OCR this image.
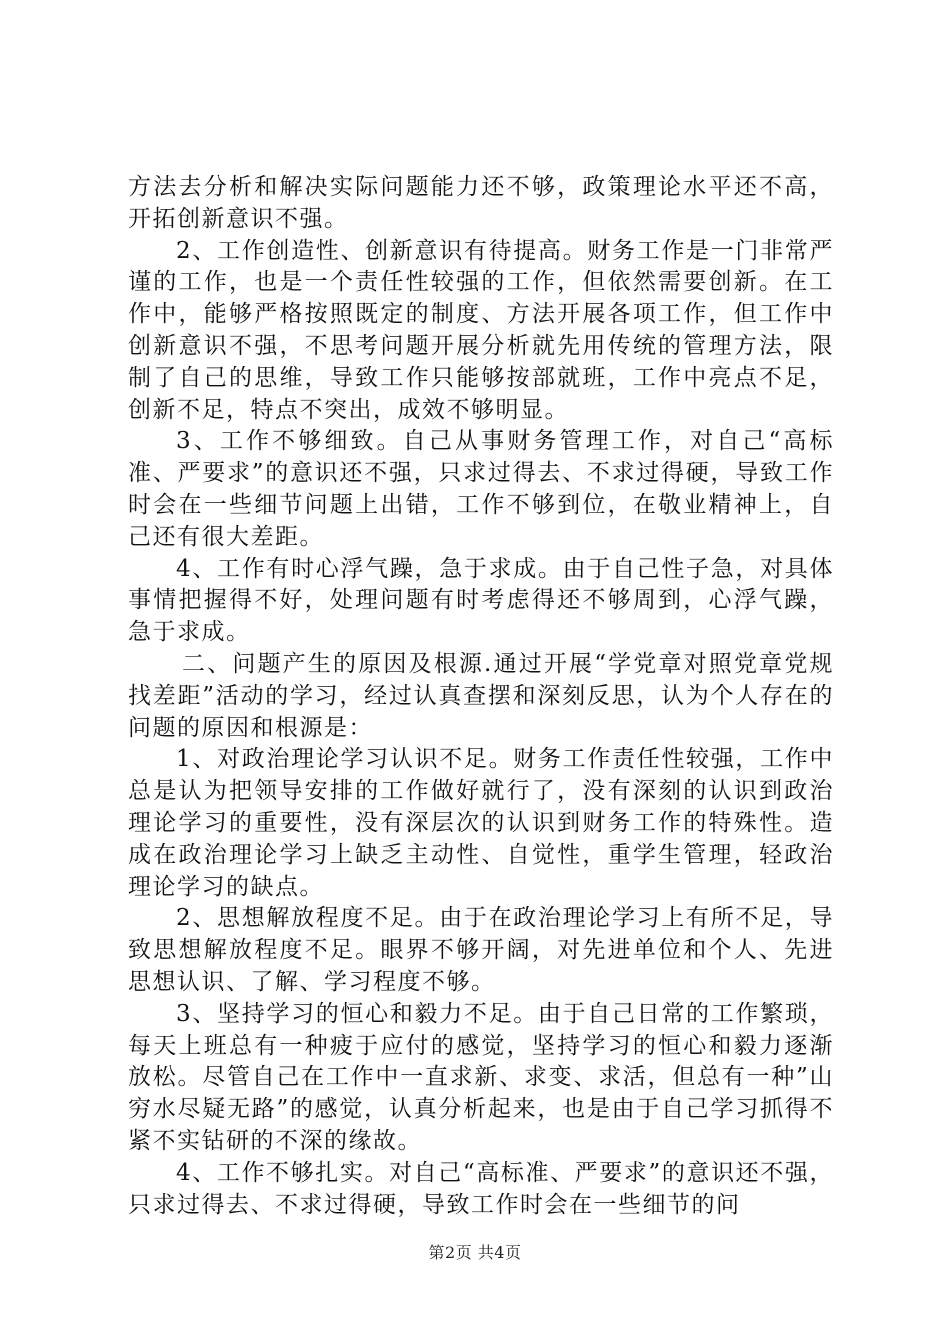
方法去分析和解决实际问题能力还不够，政策理论水平还不高，开拓创新意识不强。

2、工作创造性、创新意识有待提高。财务工作是一门非常严谨的工作，也是一个责任性较强的工作，但依然需要创新。在工作中，能够严格按照既定的制度、方法开展各项工作，但工作中创新意识不强，不思考问题开展分析就先用传统的管理方法，限制了自己的思维，导致工作只能够按部就班，工作中亮点不足，创新不足，特点不突出，成效不够明显。

3、工作不够细致。自己从事财务管理工作，对自己“高标准、严要求”的意识还不强，只求过得去、不求过得硬，导致工作时会在一些细节问题上出错，工作不够到位，在敬业精神上，自己还有很大差距。

4、工作有时心浮气躁，急于求成。由于自己性子急，对具体事情把握得不好，处理问题有时考虑得还不够周到，心浮气躁，急于求成。

二、问题产生的原因及根源.通过开展“学党章对照党章党规找差距”活动的学习，经过认真查摆和深刻反思，认为个人存在的问题的原因和根源是：

1、对政治理论学习认识不足。财务工作责任性较强，工作中总是认为把领导安排的工作做好就行了，没有深刻的认识到政治理论学习的重要性，没有深层次的认识到财务工作的特殊性。造成在政治理论学习上缺乏主动性、自觉性，重学生管理，轻政治理论学习的缺点。

2、思想解放程度不足。由于在政治理论学习上有所不足，导致思想解放程度不足。眼界不够开阔，对先进单位和个人、先进思想认识、了解、学习程度不够。

3、坚持学习的恒心和毅力不足。由于自己日常的工作繁琐，每天上班总有一种疲于应付的感觉，坚持学习的恒心和毅力逐渐放松。尽管自己在工作中一直求新、求变、求活，但总有一种”山穷水尽疑无路”的感觉，认真分析起来，也是由于自己学习抓得不紧不实钻研的不深的缘故。

4、工作不够扎实。对自己“高标准、严要求”的意识还不强，只求过得去、不求过得硬，导致工作时会在一些细节的问

第2页 共4页
